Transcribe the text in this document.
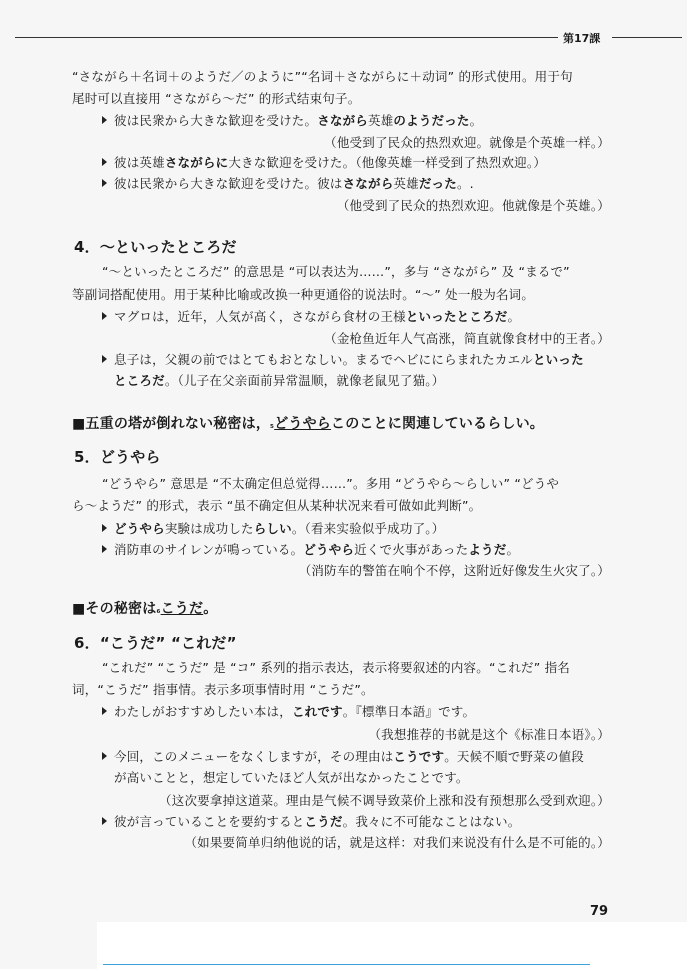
第17課
“さながら＋名词＋のようだ／のように”“名词＋さながらに＋动词” 的形式使用。用于句
尾时可以直接用 “さながら～だ” 的形式结束句子。
彼は民衆から大きな歓迎を受けた。さながら英雄のようだった。
（他受到了民众的热烈欢迎。就像是个英雄一样。）
彼は英雄さながらに大きな歓迎を受けた。（他像英雄一样受到了热烈欢迎。）
彼は民衆から大きな歓迎を受けた。彼はさながら英雄だった。.
（他受到了民众的热烈欢迎。他就像是个英雄。）
4．～といったところだ
“～といったところだ” 的意思是 “可以表达为……”，多与 “さながら” 及 “まるで”
等副词搭配使用。用于某种比喻或改换一种更通俗的说法时。“～” 处一般为名词。
マグロは，近年，人気が高く，さながら食材の王様といったところだ。
（金枪鱼近年人气高涨，简直就像食材中的王者。）
息子は，父親の前ではとてもおとなしい。まるでヘビににらまれたカエルといった
ところだ。（儿子在父亲面前异常温顺，就像老鼠见了猫。）
■五重の塔が倒れない秘密は，₅どうやらこのことに関連しているらしい。
5．どうやら
“どうやら” 意思是 “不太确定但总觉得……”。多用 “どうやら～らしい” “どうや
ら～ようだ” 的形式，表示 “虽不确定但从某种状况来看可做如此判断”。
どうやら実験は成功したらしい。（看来实验似乎成功了。）
消防車のサイレンが鳴っている。どうやら近くで火事があったようだ。
（消防车的警笛在响个不停，这附近好像发生火灾了。）
■その秘密は₆こうだ。
6．“こうだ” “これだ”
“これだ” “こうだ” 是 “コ” 系列的指示表达，表示将要叙述的内容。“これだ” 指名
词，“こうだ” 指事情。表示多项事情时用 “こうだ”。
わたしがおすすめしたい本は，これです。『標準日本語』です。
（我想推荐的书就是这个《标准日本语》。）
今回，このメニューをなくしますが，その理由はこうです。天候不順で野菜の値段
が高いことと，想定していたほど人気が出なかったことです。
（这次要拿掉这道菜。理由是气候不调导致菜价上涨和没有预想那么受到欢迎。）
彼が言っていることを要約するとこうだ。我々に不可能なことはない。
（如果要简单归纳他说的话，就是这样：对我们来说没有什么是不可能的。）
79
